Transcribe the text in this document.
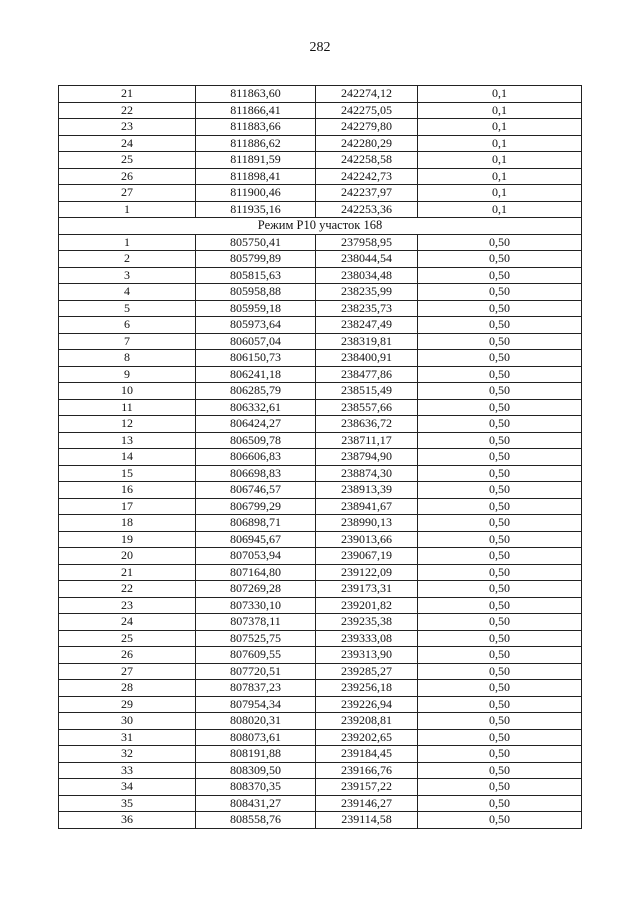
282
21	811863,60	242274,12	0,1
22	811866,41	242275,05	0,1
23	811883,66	242279,80	0,1
24	811886,62	242280,29	0,1
25	811891,59	242258,58	0,1
26	811898,41	242242,73	0,1
27	811900,46	242237,97	0,1
1	811935,16	242253,36	0,1
Режим P10 участок 168			
1	805750,41	237958,95	0,50
2	805799,89	238044,54	0,50
3	805815,63	238034,48	0,50
4	805958,88	238235,99	0,50
5	805959,18	238235,73	0,50
6	805973,64	238247,49	0,50
7	806057,04	238319,81	0,50
8	806150,73	238400,91	0,50
9	806241,18	238477,86	0,50
10	806285,79	238515,49	0,50
11	806332,61	238557,66	0,50
12	806424,27	238636,72	0,50
13	806509,78	238711,17	0,50
14	806606,83	238794,90	0,50
15	806698,83	238874,30	0,50
16	806746,57	238913,39	0,50
17	806799,29	238941,67	0,50
18	806898,71	238990,13	0,50
19	806945,67	239013,66	0,50
20	807053,94	239067,19	0,50
21	807164,80	239122,09	0,50
22	807269,28	239173,31	0,50
23	807330,10	239201,82	0,50
24	807378,11	239235,38	0,50
25	807525,75	239333,08	0,50
26	807609,55	239313,90	0,50
27	807720,51	239285,27	0,50
28	807837,23	239256,18	0,50
29	807954,34	239226,94	0,50
30	808020,31	239208,81	0,50
31	808073,61	239202,65	0,50
32	808191,88	239184,45	0,50
33	808309,50	239166,76	0,50
34	808370,35	239157,22	0,50
35	808431,27	239146,27	0,50
36	808558,76	239114,58	0,50
